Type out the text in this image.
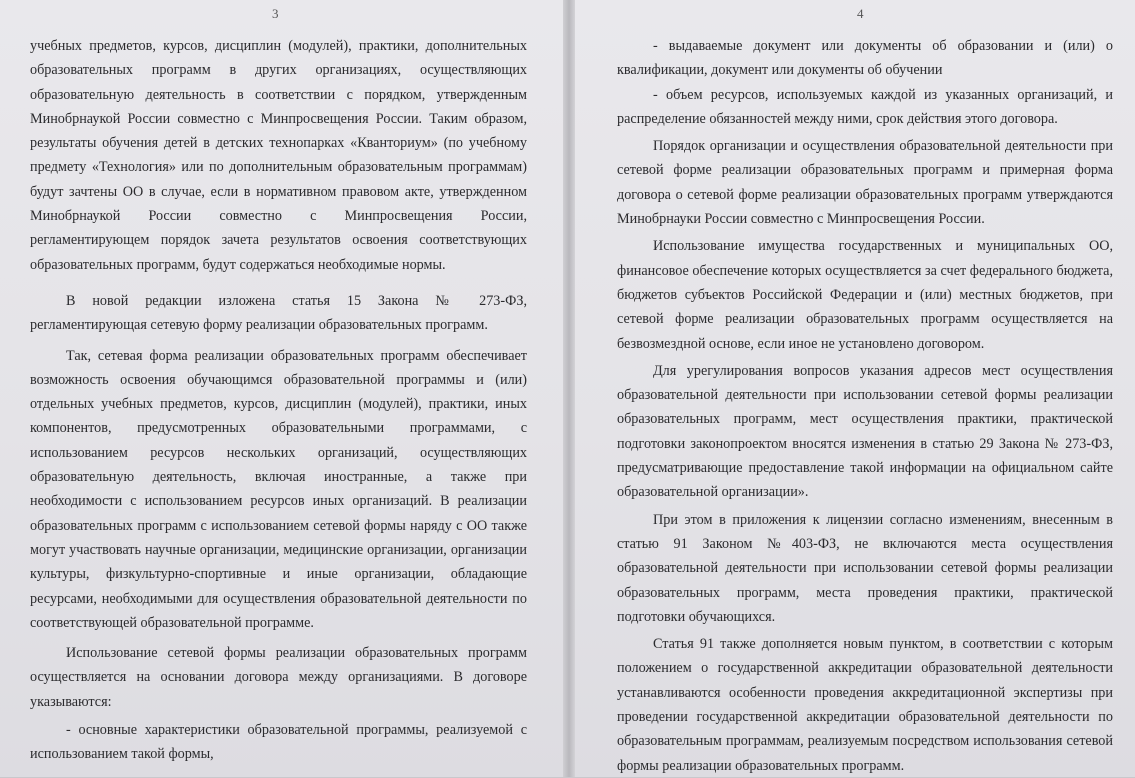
3

учебных предметов, курсов, дисциплин (модулей), практики, дополнительных образовательных программ в других организациях, осуществляющих образовательную деятельность в соответствии с порядком, утвержденным Минобрнаукой России совместно с Минпросвещения России. Таким образом, результаты обучения детей в детских технопарках «Кванториум» (по учебному предмету «Технология» или по дополнительным образовательным программам) будут зачтены ОО в случае, если в нормативном правовом акте, утвержденном Минобрнаукой России совместно с Минпросвещения России, регламентирующем порядок зачета результатов освоения соответствующих образовательных программ, будут содержаться необходимые нормы.

В новой редакции изложена статья 15 Закона № 273-ФЗ, регламентирующая сетевую форму реализации образовательных программ.

Так, сетевая форма реализации образовательных программ обеспечивает возможность освоения обучающимся образовательной программы и (или) отдельных учебных предметов, курсов, дисциплин (модулей), практики, иных компонентов, предусмотренных образовательными программами, с использованием ресурсов нескольких организаций, осуществляющих образовательную деятельность, включая иностранные, а также при необходимости с использованием ресурсов иных организаций. В реализации образовательных программ с использованием сетевой формы наряду с ОО также могут участвовать научные организации, медицинские организации, организации культуры, физкультурно-спортивные и иные организации, обладающие ресурсами, необходимыми для осуществления образовательной деятельности по соответствующей образовательной программе.

Использование сетевой формы реализации образовательных программ осуществляется на основании договора между организациями. В договоре указываются:

- основные характеристики образовательной программы, реализуемой с использованием такой формы,

4

- выдаваемые документ или документы об образовании и (или) о квалификации, документ или документы об обучении

- объем ресурсов, используемых каждой из указанных организаций, и распределение обязанностей между ними, срок действия этого договора.

Порядок организации и осуществления образовательной деятельности при сетевой форме реализации образовательных программ и примерная форма договора о сетевой форме реализации образовательных программ утверждаются Минобрнауки России совместно с Минпросвещения России.

Использование имущества государственных и муниципальных ОО, финансовое обеспечение которых осуществляется за счет федерального бюджета, бюджетов субъектов Российской Федерации и (или) местных бюджетов, при сетевой форме реализации образовательных программ осуществляется на безвозмездной основе, если иное не установлено договором.

Для урегулирования вопросов указания адресов мест осуществления образовательной деятельности при использовании сетевой формы реализации образовательных программ, мест осуществления практики, практической подготовки законопроектом вносятся изменения в статью 29 Закона № 273-ФЗ, предусматривающие предоставление такой информации на официальном сайте образовательной организации».

При этом в приложения к лицензии согласно изменениям, внесенным в статью 91 Законом №403-ФЗ, не включаются места осуществления образовательной деятельности при использовании сетевой формы реализации образовательных программ, места проведения практики, практической подготовки обучающихся.

Статья 91 также дополняется новым пунктом, в соответствии с которым положением о государственной аккредитации образовательной деятельности устанавливаются особенности проведения аккредитационной экспертизы при проведении государственной аккредитации образовательной деятельности по образовательным программам, реализуемым посредством использования сетевой формы реализации образовательных программ.
